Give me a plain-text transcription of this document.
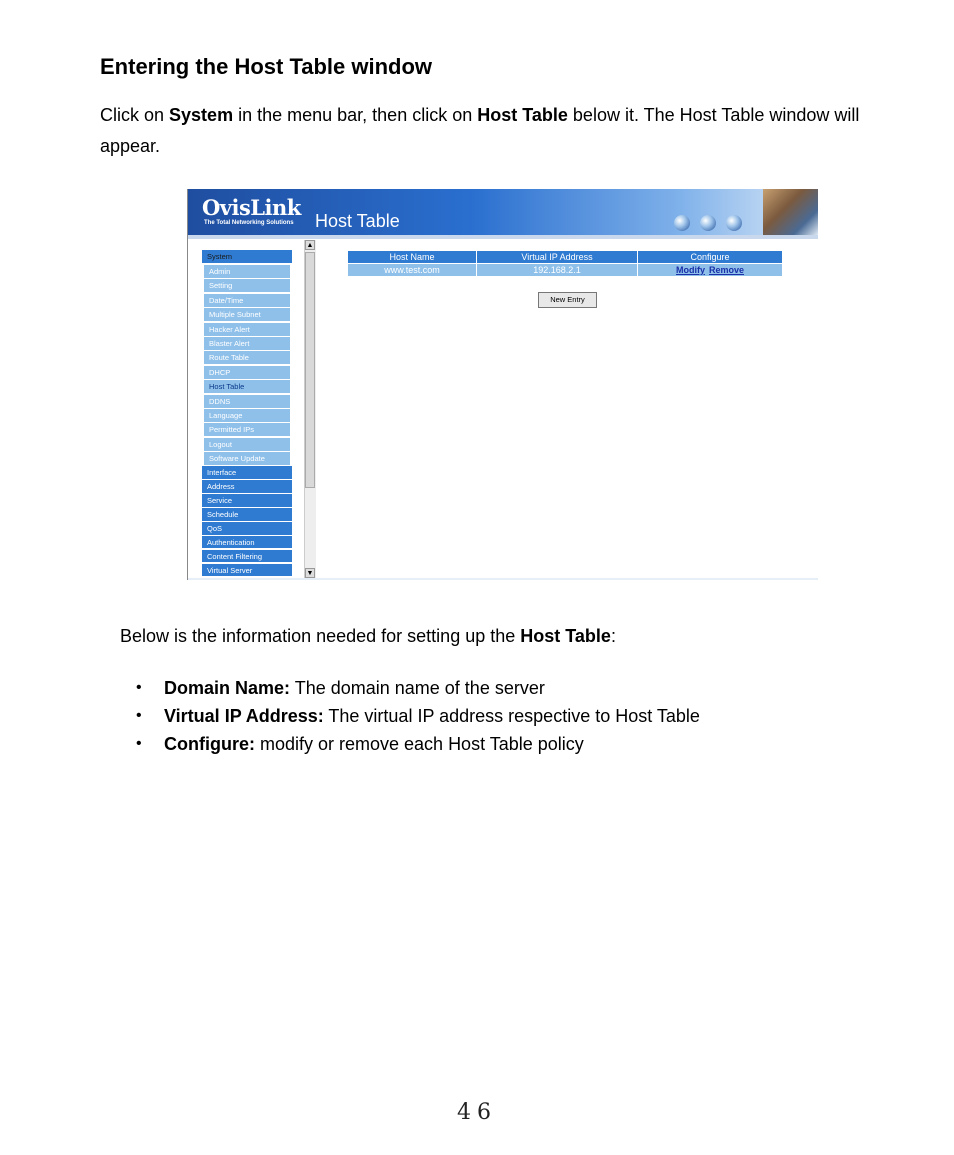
Entering the Host Table window
Click on System in the menu bar, then click on Host Table below it. The Host Table window will appear.
OvisLink
The Total Networking Solutions Host Table
System
Admin
Setting
Date/Time
Multiple Subnet
Hacker Alert
Blaster Alert
Route Table
DHCP
Host Table
DDNS
Language
Permitted IPs
Logout
Software Update
Interface
Address
Service
Schedule
QoS
Authentication
Content Filtering
Virtual Server
▲
▼
Host Name	Virtual IP Address	Configure
www.test.com	192.168.2.1	Modify Remove
New Entry
Below is the information needed for setting up the Host Table:
• Domain Name: The domain name of the server
• Virtual IP Address: The virtual IP address respective to Host Table
• Configure: modify or remove each Host Table policy
46
